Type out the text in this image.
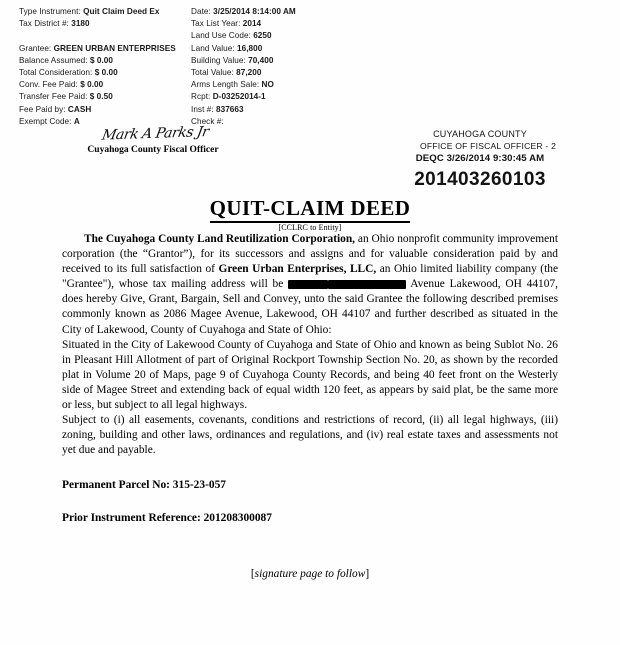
Type Instrument: Quit Claim Deed Ex
Tax District #: 3180
Grantee: GREEN URBAN ENTERPRISES
Balance Assumed: $ 0.00
Total Consideration: $ 0.00
Conv. Fee Paid: $ 0.00
Transfer Fee Paid: $ 0.50
Fee Paid by: CASH
Exempt Code: A
Date: 3/25/2014 8:14:00 AM
Tax List Year: 2014
Land Use Code: 6250
Land Value: 16,800
Building Value: 70,400
Total Value: 87,200
Arms Length Sale: NO
Rcpt: D-03252014-1
Inst #: 837663
Check #:
Mark A Parks Jr
Cuyahoga County Fiscal Officer
CUYAHOGA COUNTY
OFFICE OF FISCAL OFFICER - 2
DEQC 3/26/2014 9:30:45 AM
201403260103
QUIT-CLAIM DEED
[CCLRC to Entity]

The Cuyahoga County Land Reutilization Corporation, an Ohio nonprofit community improvement corporation (the “Grantor”), for its successors and assigns and for valuable consideration paid by and received to its full satisfaction of Green Urban Enterprises, LLC, an Ohio limited liability company (the "Grantee"), whose tax mailing address will be	Avenue Lakewood, OH 44107, does hereby Give, Grant, Bargain, Sell and Convey, unto the said Grantee the following described premises commonly known as 2086 Magee Avenue, Lakewood, OH 44107 and further described as situated in the City of Lakewood, County of Cuyahoga and State of Ohio:

Situated in the City of Lakewood County of Cuyahoga and State of Ohio and known as being Sublot No. 26 in Pleasant Hill Allotment of part of Original Rockport Township Section No. 20, as shown by the recorded plat in Volume 20 of Maps, page 9 of Cuyahoga County Records, and being 40 feet front on the Westerly side of Magee Street and extending back of equal width 120 feet, as appears by said plat, be the same more or less, but subject to all legal highways.

Subject to (i) all easements, covenants, conditions and restrictions of record, (ii) all legal highways, (iii) zoning, building and other laws, ordinances and regulations, and (iv) real estate taxes and assessments not yet due and payable.

Permanent Parcel No: 315-23-057

Prior Instrument Reference: 201208300087

[signature page to follow]
